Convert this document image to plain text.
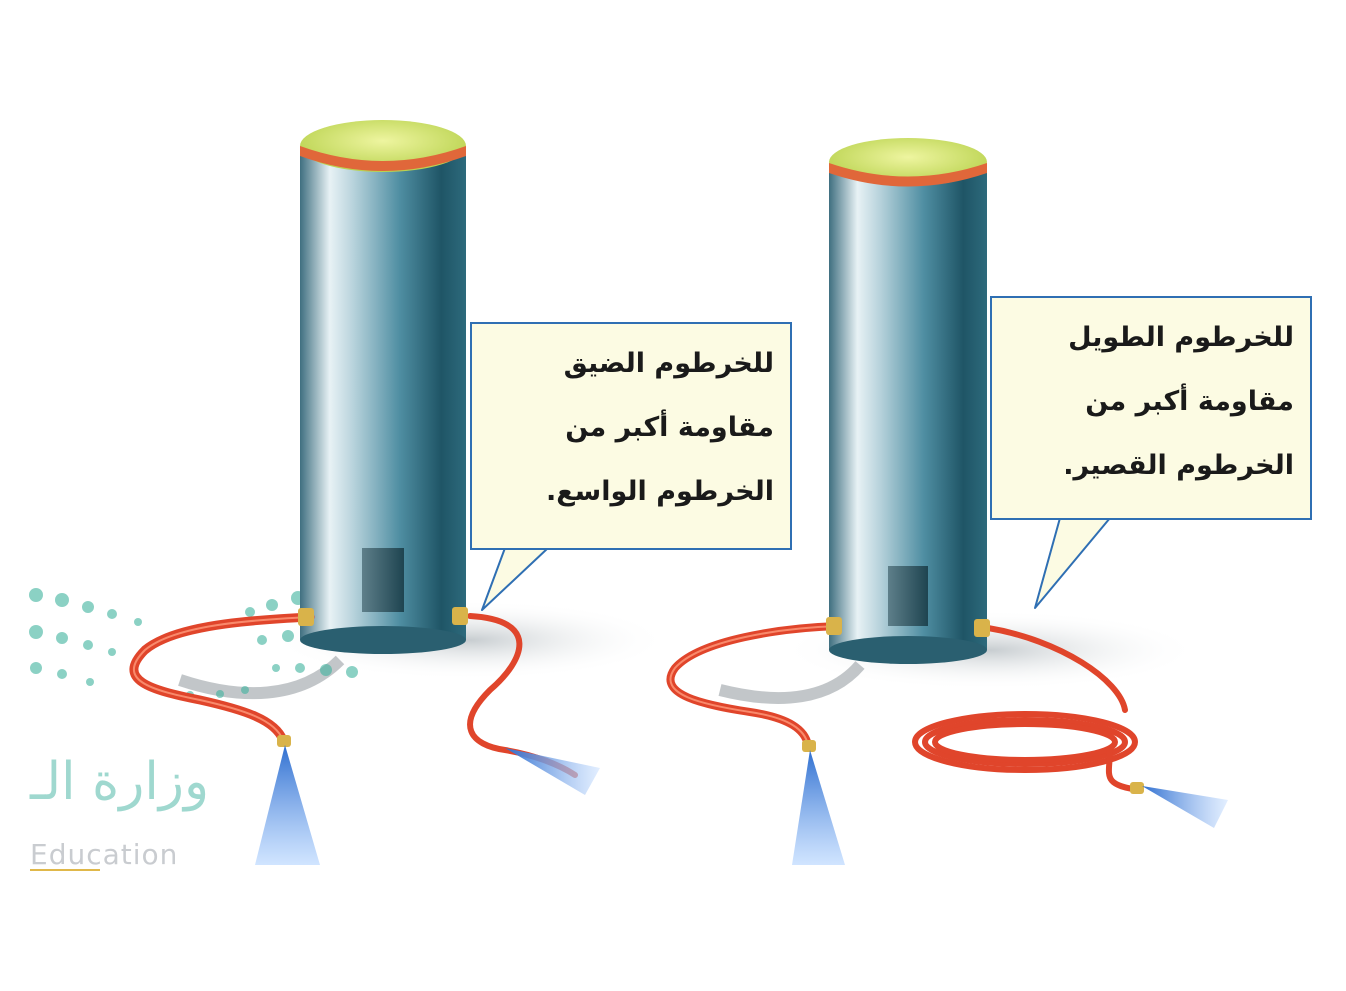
للخرطوم الضيق
مقاومة أكبر من
الخرطوم الواسع.
للخرطوم الطويل
مقاومة أكبر من
الخرطوم القصير.
وزارة الـ
Education
